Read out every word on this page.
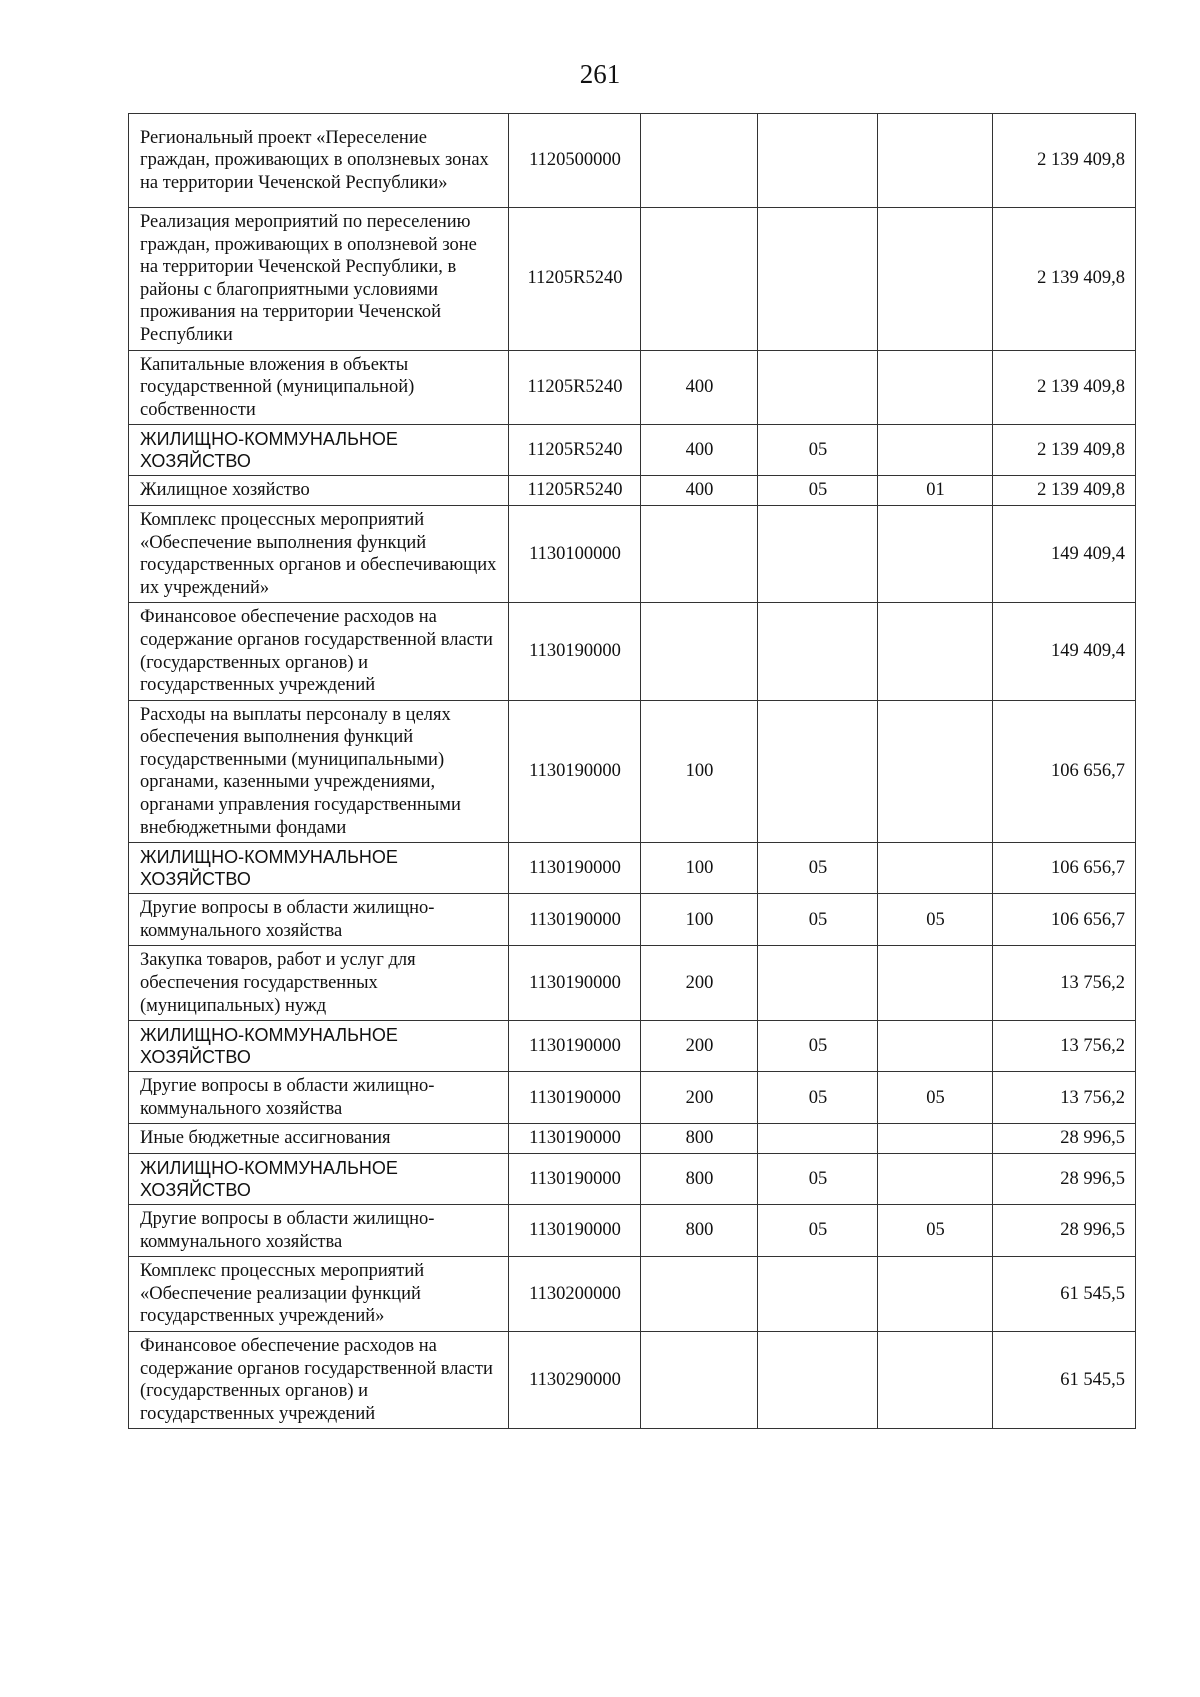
261
Региональный проект «Переселение граждан, проживающих в оползневых зонах на территории Чеченской Республики»	1120500000				2 139 409,8
Реализация мероприятий по переселению граждан, проживающих в оползневой зоне на территории Чеченской Республики, в районы с благоприятными условиями проживания на территории Чеченской Республики	11205R5240				2 139 409,8
Капитальные вложения в объекты государственной (муниципальной) собственности	11205R5240	400			2 139 409,8
ЖИЛИЩНО-КОММУНАЛЬНОЕ ХОЗЯЙСТВО	11205R5240	400	05		2 139 409,8
Жилищное хозяйство	11205R5240	400	05	01	2 139 409,8
Комплекс процессных мероприятий «Обеспечение выполнения функций государственных органов и обеспечивающих их учреждений»	1130100000				149 409,4
Финансовое обеспечение расходов на содержание органов государственной власти (государственных органов) и государственных учреждений	1130190000				149 409,4
Расходы на выплаты персоналу в целях обеспечения выполнения функций государственными (муниципальными) органами, казенными учреждениями, органами управления государственными внебюджетными фондами	1130190000	100			106 656,7
ЖИЛИЩНО-КОММУНАЛЬНОЕ ХОЗЯЙСТВО	1130190000	100	05		106 656,7
Другие вопросы в области жилищно-коммунального хозяйства	1130190000	100	05	05	106 656,7
Закупка товаров, работ и услуг для обеспечения государственных (муниципальных) нужд	1130190000	200			13 756,2
ЖИЛИЩНО-КОММУНАЛЬНОЕ ХОЗЯЙСТВО	1130190000	200	05		13 756,2
Другие вопросы в области жилищно-коммунального хозяйства	1130190000	200	05	05	13 756,2
Иные бюджетные ассигнования	1130190000	800			28 996,5
ЖИЛИЩНО-КОММУНАЛЬНОЕ ХОЗЯЙСТВО	1130190000	800	05		28 996,5
Другие вопросы в области жилищно-коммунального хозяйства	1130190000	800	05	05	28 996,5
Комплекс процессных мероприятий «Обеспечение реализации функций государственных учреждений»	1130200000				61 545,5
Финансовое обеспечение расходов на содержание органов государственной власти (государственных органов) и государственных учреждений	1130290000				61 545,5
